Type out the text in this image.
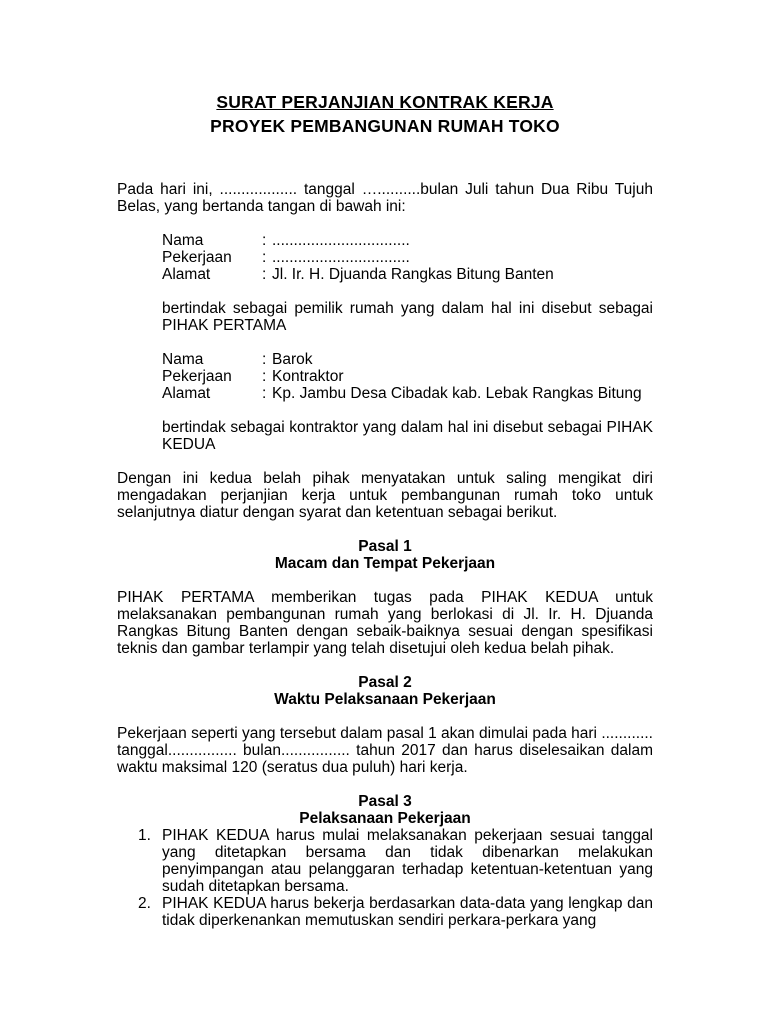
SURAT PERJANJIAN KONTRAK KERJA
PROYEK PEMBANGUNAN RUMAH TOKO

Pada hari ini, .................. tanggal …..........bulan Juli tahun Dua Ribu Tujuh Belas, yang bertanda tangan di bawah ini:

Nama	: ................................
Pekerjaan	: ................................
Alamat	: Jl. Ir. H. Djuanda Rangkas Bitung Banten

bertindak sebagai pemilik rumah yang dalam hal ini disebut sebagai PIHAK PERTAMA

Nama	: Barok
Pekerjaan	: Kontraktor
Alamat	: Kp. Jambu Desa Cibadak kab. Lebak Rangkas Bitung

bertindak sebagai kontraktor yang dalam hal ini disebut sebagai PIHAK KEDUA

Dengan ini kedua belah pihak menyatakan untuk saling mengikat diri mengadakan perjanjian kerja untuk pembangunan rumah toko untuk selanjutnya diatur dengan syarat dan ketentuan sebagai berikut.

Pasal 1
Macam dan Tempat Pekerjaan

PIHAK PERTAMA memberikan tugas pada PIHAK KEDUA untuk melaksanakan pembangunan rumah yang berlokasi di Jl. Ir. H. Djuanda Rangkas Bitung Banten dengan sebaik-baiknya sesuai dengan spesifikasi teknis dan gambar terlampir yang telah disetujui oleh kedua belah pihak.

Pasal 2
Waktu Pelaksanaan Pekerjaan

Pekerjaan seperti yang tersebut dalam pasal 1 akan dimulai pada hari ............ tanggal................ bulan................ tahun 2017 dan harus diselesaikan dalam waktu maksimal 120 (seratus dua puluh) hari kerja.

Pasal 3
Pelaksanaan Pekerjaan
1. PIHAK KEDUA harus mulai melaksanakan pekerjaan sesuai tanggal yang ditetapkan bersama dan tidak dibenarkan melakukan penyimpangan atau pelanggaran terhadap ketentuan-ketentuan yang sudah ditetapkan bersama.
2. PIHAK KEDUA harus bekerja berdasarkan data-data yang lengkap dan tidak diperkenankan memutuskan sendiri perkara-perkara yang
